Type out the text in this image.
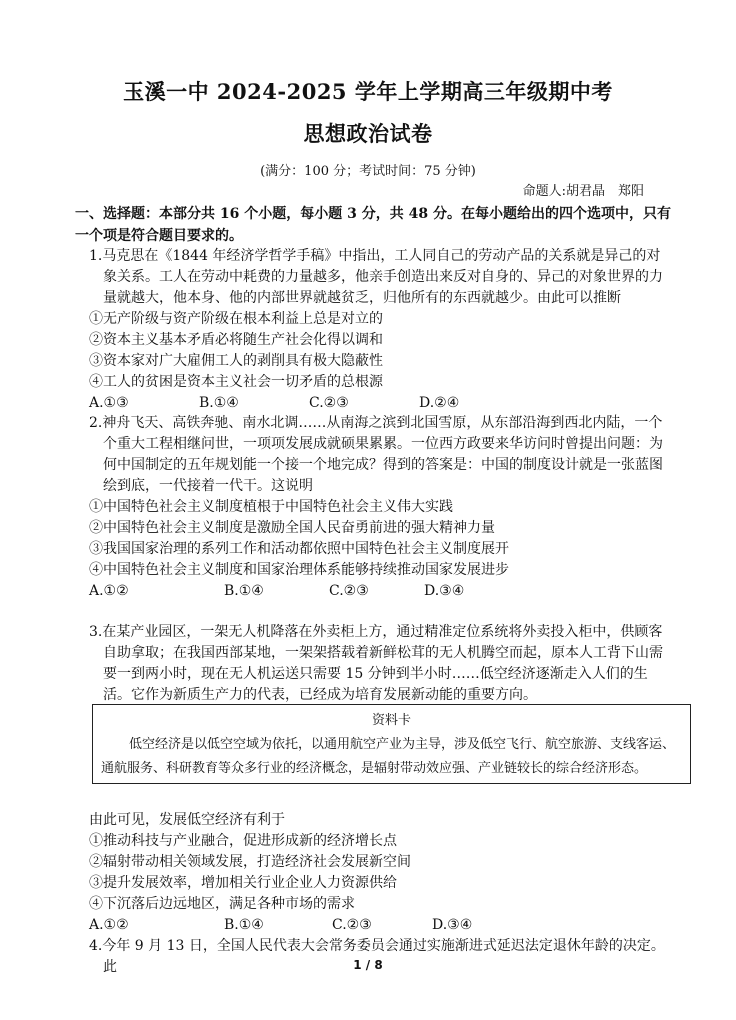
玉溪一中 2024-2025 学年上学期高三年级期中考
思想政治试卷
(满分：100 分；考试时间：75 分钟)
命题人:胡君晶　郑阳
一、选择题：本部分共 16 个小题，每小题 3 分，共 48 分。在每小题给出的四个选项中，只有一个项是符合题目要求的。

1.马克思在《1844 年经济学哲学手稿》中指出，工人同自己的劳动产品的关系就是异己的对象关系。工人在劳动中耗费的力量越多，他亲手创造出来反对自身的、异己的对象世界的力量就越大，他本身、他的内部世界就越贫乏，归他所有的东西就越少。由此可以推断

①无产阶级与资产阶级在根本利益上总是对立的

②资本主义基本矛盾必将随生产社会化得以调和

③资本家对广大雇佣工人的剥削具有极大隐蔽性

④工人的贫困是资本主义社会一切矛盾的总根源

A.①③	B.①④	C.②③	D.②④

2.神舟飞天、高铁奔驰、南水北调……从南海之滨到北国雪原，从东部沿海到西北内陆，一个个重大工程相继问世，一项项发展成就硕果累累。一位西方政要来华访问时曾提出问题：为何中国制定的五年规划能一个接一个地完成？得到的答案是：中国的制度设计就是一张蓝图绘到底，一代接着一代干。这说明

①中国特色社会主义制度植根于中国特色社会主义伟大实践

②中国特色社会主义制度是激励全国人民奋勇前进的强大精神力量

③我国国家治理的系列工作和活动都依照中国特色社会主义制度展开

④中国特色社会主义制度和国家治理体系能够持续推动国家发展进步

A.①②	B.①④	C.②③	D.③④

3.在某产业园区，一架无人机降落在外卖柜上方，通过精准定位系统将外卖投入柜中，供顾客自助拿取；在我国西部某地，一架架搭载着新鲜松茸的无人机腾空而起，原本人工背下山需要一到两小时，现在无人机运送只需要 15 分钟到半小时……低空经济逐渐走入人们的生活。它作为新质生产力的代表，已经成为培育发展新动能的重要方向。

资料卡
低空经济是以低空空域为依托，以通用航空产业为主导，涉及低空飞行、航空旅游、支线客运、通航服务、科研教育等众多行业的经济概念，是辐射带动效应强、产业链较长的综合经济形态。

由此可见，发展低空经济有利于

①推动科技与产业融合，促进形成新的经济增长点

②辐射带动相关领域发展，打造经济社会发展新空间

③提升发展效率，增加相关行业企业人力资源供给

④下沉落后边远地区，满足各种市场的需求

A.①②	B.①④	C.②③	D.③④

4.今年 9 月 13 日，全国人民代表大会常务委员会通过实施渐进式延迟法定退休年龄的决定。此	1 / 8
